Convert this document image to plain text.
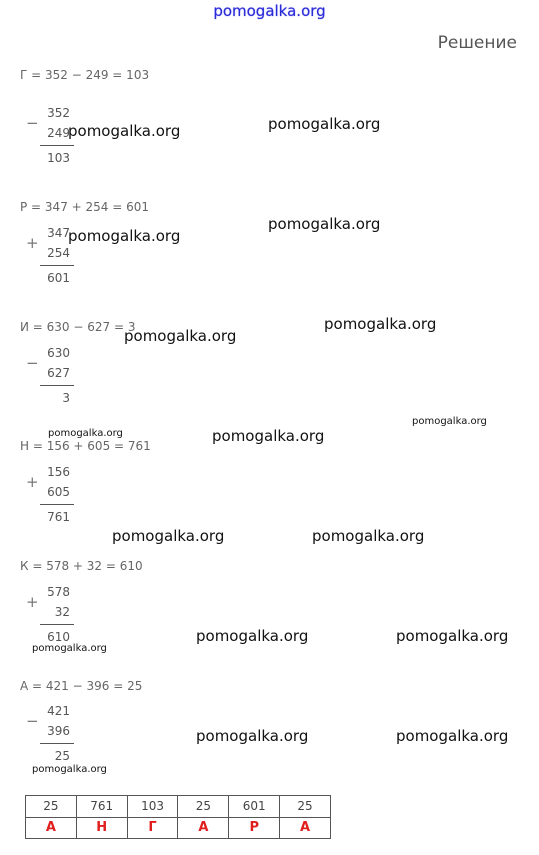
pomogalka.org
Решение
Г = 352 − 249 = 103
−
352
249
103
Р = 347 + 254 = 601
+
347
254
601
И = 630 − 627 = 3
−
630
627
3
Н = 156 + 605 = 761
+
156
605
761
К = 578 + 32 = 610
+
578
32
610
А = 421 − 396 = 25
−
421
396
25
pomogalka.org	pomogalka.org
pomogalka.org
pomogalka.org
pomogalka.org
pomogalka.org
pomogalka.org	pomogalka.org
pomogalka.org
pomogalka.org	pomogalka.org
pomogalka.org	pomogalka.org
pomogalka.org
pomogalka.org	pomogalka.org
pomogalka.org
25	761	103	25	601	25
А	Н	Г	А	Р	А
